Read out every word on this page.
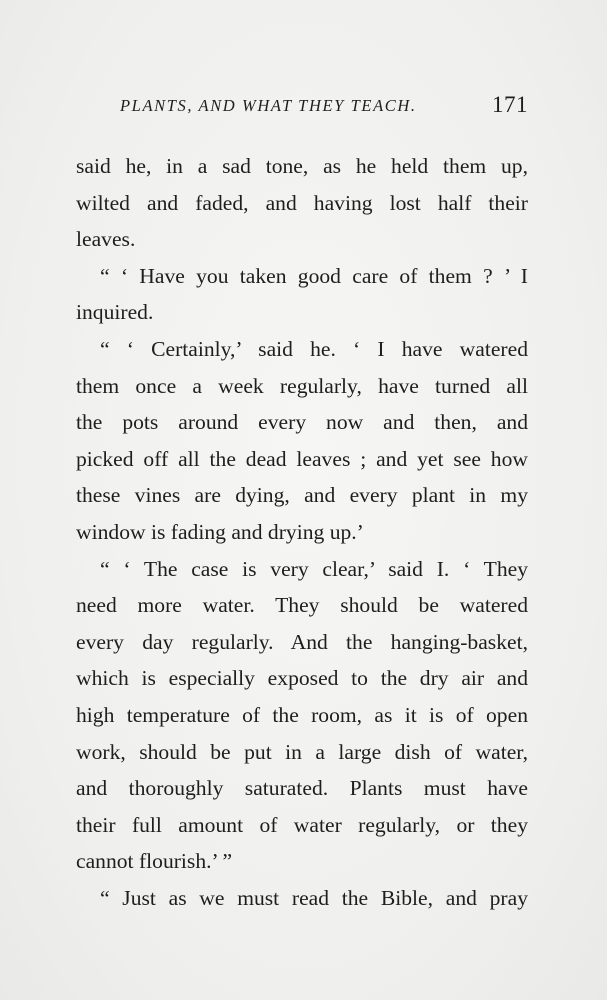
PLANTS, AND WHAT THEY TEACH.	171
said he, in a sad tone, as he held them up,
wilted and faded, and having lost half their
leaves.
“ ‘ Have you taken good care of them ? ’ I
inquired.
“ ‘ Certainly,’ said he. ‘ I have watered
them once a week regularly, have turned all
the pots around every now and then, and
picked off all the dead leaves ; and yet see how
these vines are dying, and every plant in my
window is fading and drying up.’
“ ‘ The case is very clear,’ said I. ‘ They
need more water. They should be watered
every day regularly. And the hanging-basket,
which is especially exposed to the dry air and
high temperature of the room, as it is of open
work, should be put in a large dish of water,
and thoroughly saturated. Plants must have
their full amount of water regularly, or they
cannot flourish.’ ”
“ Just as we must read the Bible, and pray
